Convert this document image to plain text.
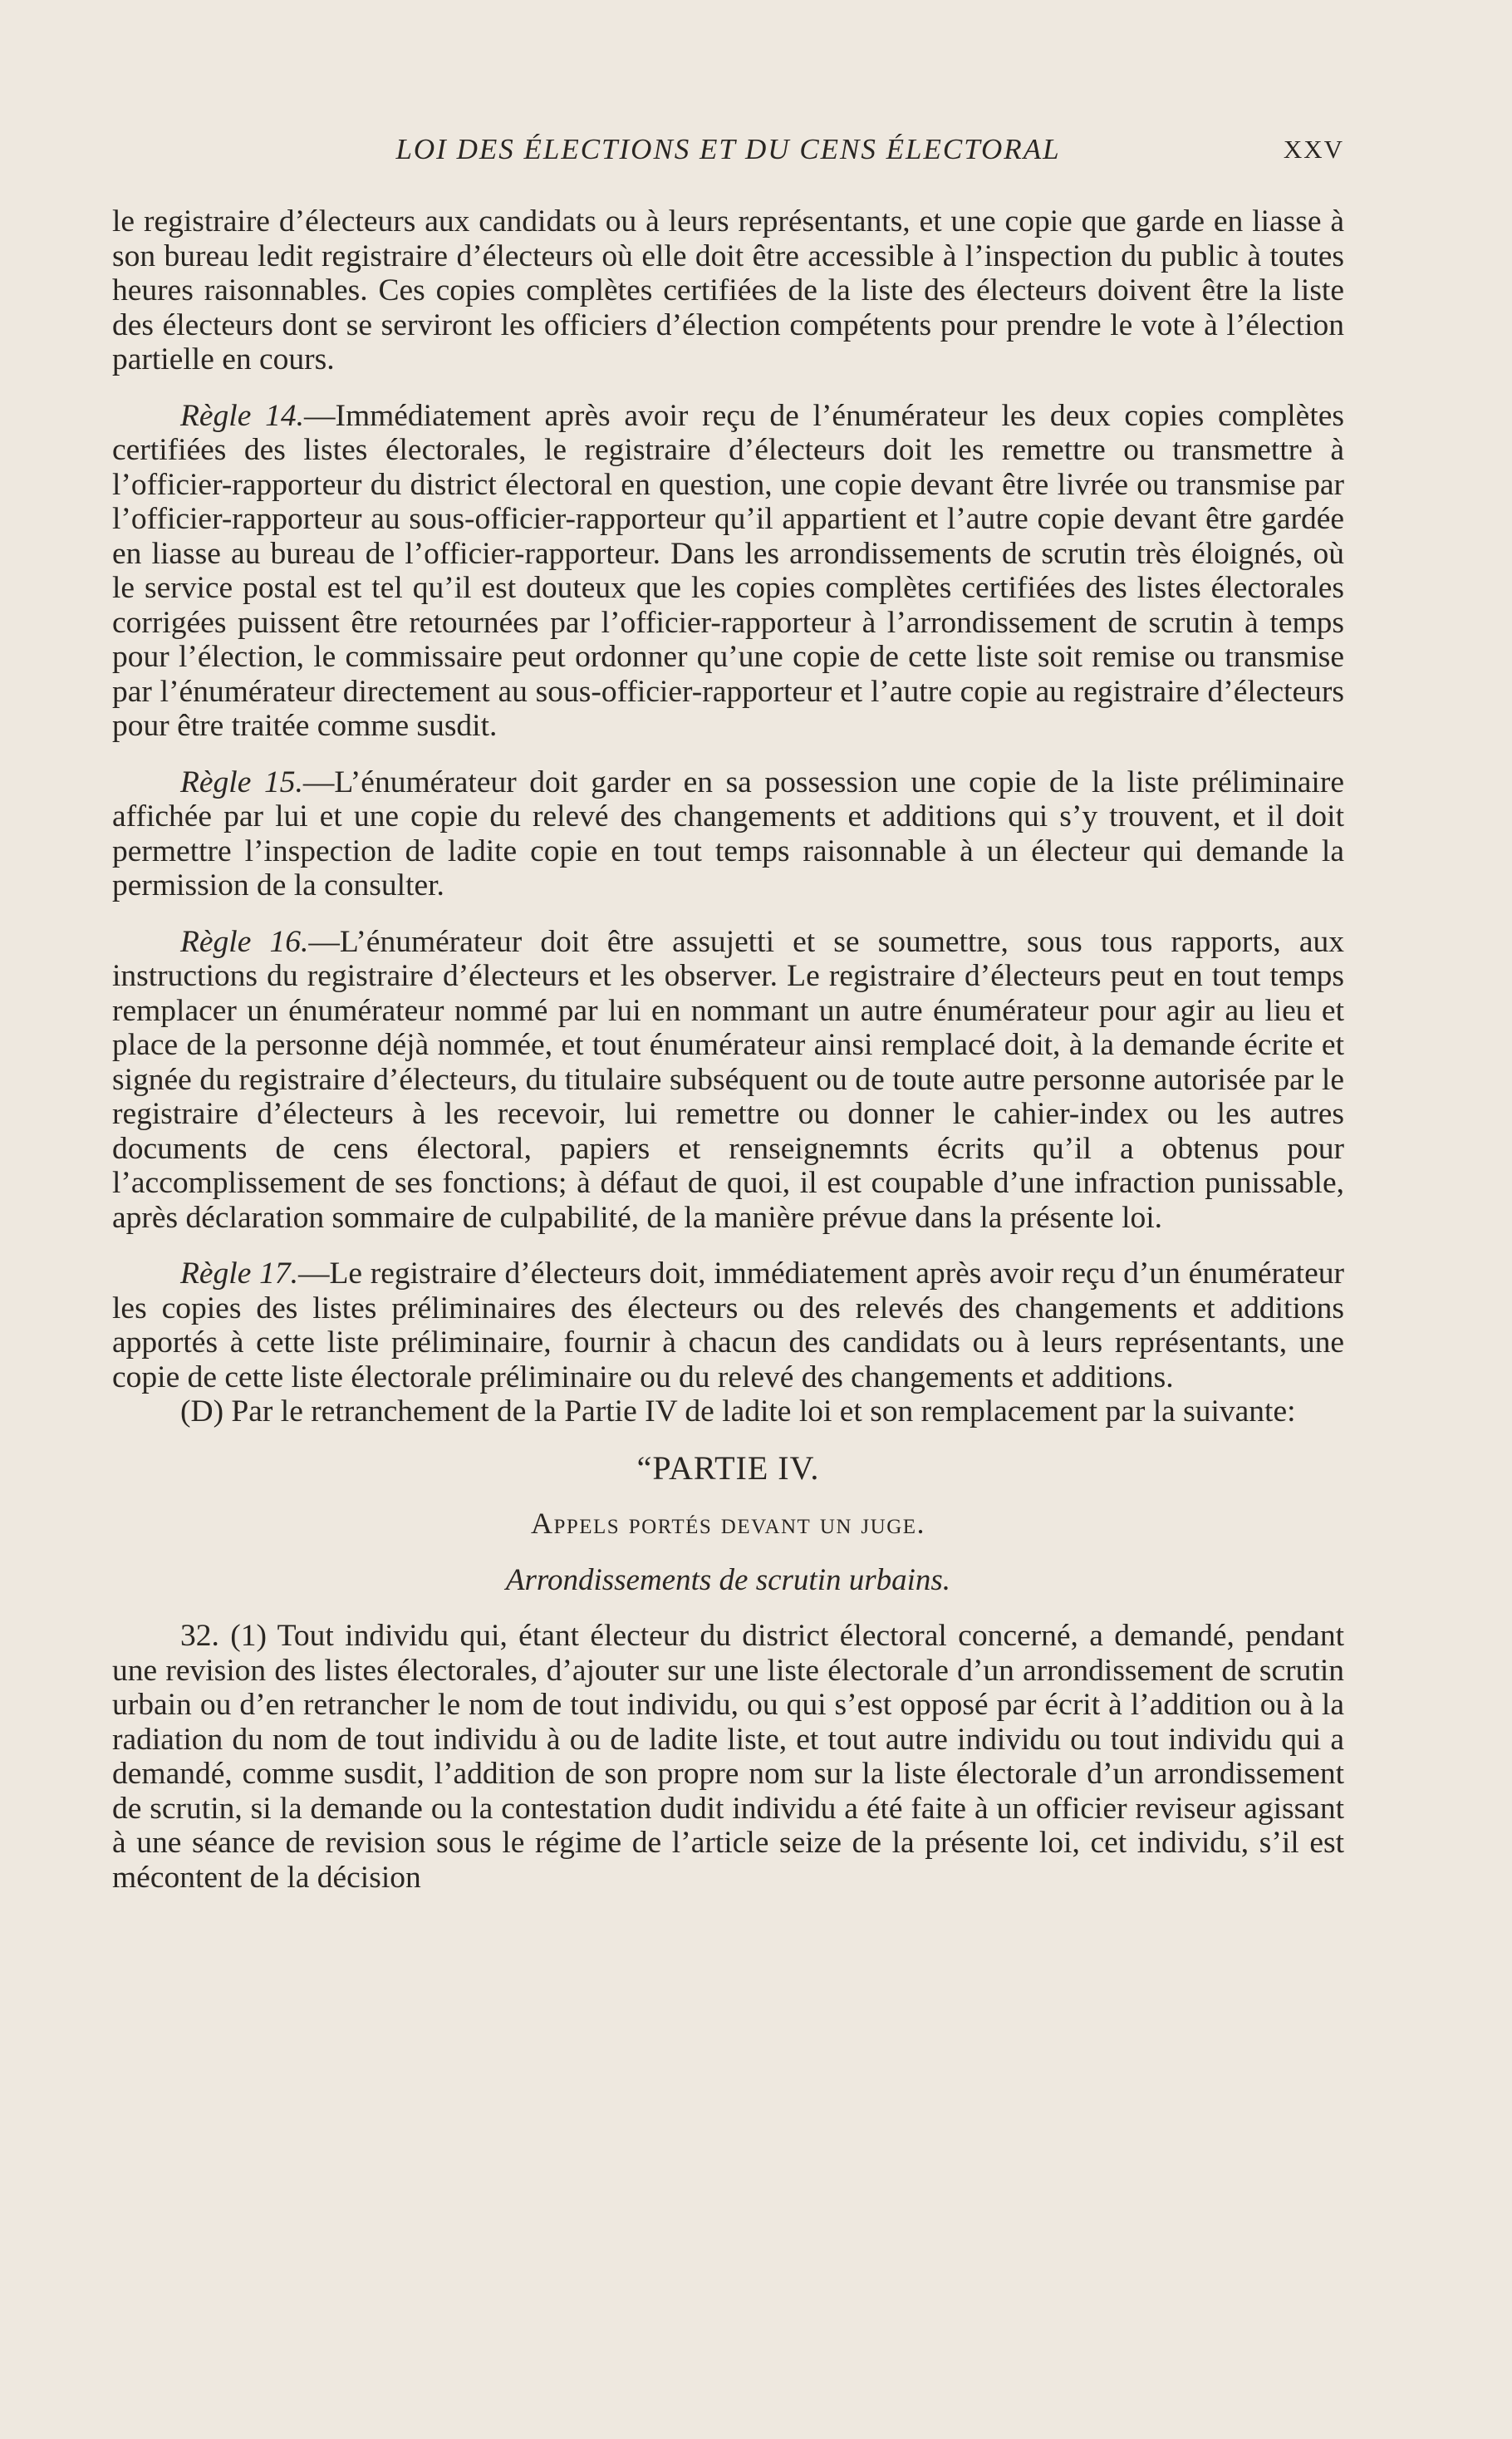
LOI DES ÉLECTIONS ET DU CENS ÉLECTORAL	XXV

le registraire d’électeurs aux candidats ou à leurs représentants, et une copie que garde en liasse à son bureau ledit registraire d’électeurs où elle doit être accessible à l’inspection du public à toutes heures raisonnables. Ces copies complètes certifiées de la liste des électeurs doivent être la liste des électeurs dont se serviront les officiers d’élection compétents pour prendre le vote à l’élection partielle en cours.

Règle 14.—Immédiatement après avoir reçu de l’énumérateur les deux copies complètes certifiées des listes électorales, le registraire d’électeurs doit les remettre ou transmettre à l’officier-rapporteur du district électoral en question, une copie devant être livrée ou transmise par l’officier-rapporteur au sous-officier-rapporteur qu’il appartient et l’autre copie devant être gardée en liasse au bureau de l’officier-rapporteur. Dans les arrondissements de scrutin très éloignés, où le service postal est tel qu’il est douteux que les copies complètes certifiées des listes électorales corrigées puissent être retournées par l’officier-rapporteur à l’arrondissement de scrutin à temps pour l’élection, le commissaire peut ordonner qu’une copie de cette liste soit remise ou transmise par l’énumérateur directement au sous-officier-rapporteur et l’autre copie au registraire d’électeurs pour être traitée comme susdit.

Règle 15.—L’énumérateur doit garder en sa possession une copie de la liste préliminaire affichée par lui et une copie du relevé des changements et additions qui s’y trouvent, et il doit permettre l’inspection de ladite copie en tout temps raisonnable à un électeur qui demande la permission de la consulter.

Règle 16.—L’énumérateur doit être assujetti et se soumettre, sous tous rapports, aux instructions du registraire d’électeurs et les observer. Le registraire d’électeurs peut en tout temps remplacer un énumérateur nommé par lui en nommant un autre énumérateur pour agir au lieu et place de la personne déjà nommée, et tout énumérateur ainsi remplacé doit, à la demande écrite et signée du registraire d’électeurs, du titulaire subséquent ou de toute autre personne autorisée par le registraire d’électeurs à les recevoir, lui remettre ou donner le cahier-index ou les autres documents de cens électoral, papiers et renseignemnts écrits qu’il a obtenus pour l’accomplissement de ses fonctions; à défaut de quoi, il est coupable d’une infraction punissable, après déclaration sommaire de culpabilité, de la manière prévue dans la présente loi.

Règle 17.—Le registraire d’électeurs doit, immédiatement après avoir reçu d’un énumérateur les copies des listes préliminaires des électeurs ou des relevés des changements et additions apportés à cette liste préliminaire, fournir à chacun des candidats ou à leurs représentants, une copie de cette liste électorale préliminaire ou du relevé des changements et additions.

(D) Par le retranchement de la Partie IV de ladite loi et son remplacement par la suivante:

“PARTIE IV.

Appels portés devant un juge.

Arrondissements de scrutin urbains.

32. (1) Tout individu qui, étant électeur du district électoral concerné, a demandé, pendant une revision des listes électorales, d’ajouter sur une liste électorale d’un arrondissement de scrutin urbain ou d’en retrancher le nom de tout individu, ou qui s’est opposé par écrit à l’addition ou à la radiation du nom de tout individu à ou de ladite liste, et tout autre individu ou tout individu qui a demandé, comme susdit, l’addition de son propre nom sur la liste électorale d’un arrondissement de scrutin, si la demande ou la contestation dudit individu a été faite à un officier reviseur agissant à une séance de revision sous le régime de l’article seize de la présente loi, cet individu, s’il est mécontent de la décision
